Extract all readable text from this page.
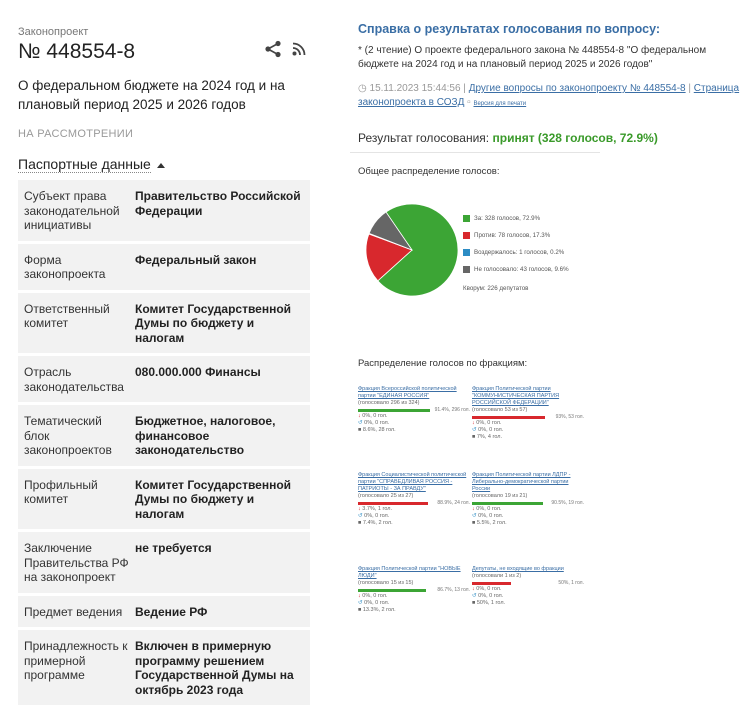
Законопроект
№ 448554-8
О федеральном бюджете на 2024 год и на плановый период 2025 и 2026 годов
НА РАССМОТРЕНИИ
Паспортные данные
Субъект права законодательной инициативы
Правительство Российской Федерации
Форма законопроекта
Федеральный закон
Ответственный комитет
Комитет Государственной Думы по бюджету и налогам
Отрасль законодательства
080.000.000 Финансы
Тематический блок законопроектов
Бюджетное, налоговое, финансовое законодательство
Профильный комитет
Комитет Государственной Думы по бюджету и налогам
Заключение Правительства РФ на законопроект
не требуется
Предмет ведения	Ведение РФ
Принадлежность к примерной программе
Включен в примерную программу решением Государственной Думы на октябрь 2023 года
Справка о результатах голосования по вопросу:
* (2 чтение) О проекте федерального закона № 448554-8 "О федеральном бюджете на 2024 год и на плановый период 2025 и 2026 годов"
◷ 15.11.2023 15:44:56 | Другие вопросы по законопроекту № 448554-8 | Страница законопроекта в СОЗД ▫ Версия для печати
Результат голосования: принят (328 голосов, 72.9%)
Общее распределение голосов:
За: 328 голосов, 72.9%
Против: 78 голосов, 17.3%
Воздержалось: 1 голосов, 0.2%
Не голосовало: 43 голосов, 9.6%
Кворум: 226 депутатов
Распределение голосов по фракциям:
Фракция Всероссийской политической партии "ЕДИНАЯ РОССИЯ"
(голосовало 296 из 324)
91.4%, 296 гол.
↓ 0%, 0 гол.
↺ 0%, 0 гол.
■ 8.6%, 28 гол.
Фракция Политической партии "КОММУНИСТИЧЕСКАЯ ПАРТИЯ РОССИЙСКОЙ ФЕДЕРАЦИИ"
(голосовало 53 из 57)
93%, 53 гол.
↓ 0%, 0 гол.
↺ 0%, 0 гол.
■ 7%, 4 гол.
Фракция Социалистической политической партии "СПРАВЕДЛИВАЯ РОССИЯ - ПАТРИОТЫ - ЗА ПРАВДУ"
(голосовало 25 из 27)
88.9%, 24 гол.
↓ 3.7%, 1 гол.
↺ 0%, 0 гол.
■ 7.4%, 2 гол.
Фракция Политической партии ЛДПР - Либерально-демократической партии России
(голосовало 19 из 21)
90.5%, 19 гол.
↓ 0%, 0 гол.
↺ 0%, 0 гол.
■ 5.5%, 2 гол.
Фракция Политической партии "НОВЫЕ ЛЮДИ"
(голосовало 15 из 15)
86.7%, 13 гол.
↓ 0%, 0 гол.
↺ 0%, 0 гол.
■ 13.3%, 2 гол.
Депутаты, не входящие во фракции
(голосовали 1 из 2)
50%, 1 гол.
↓ 0%, 0 гол.
↺ 0%, 0 гол.
■ 50%, 1 гол.
